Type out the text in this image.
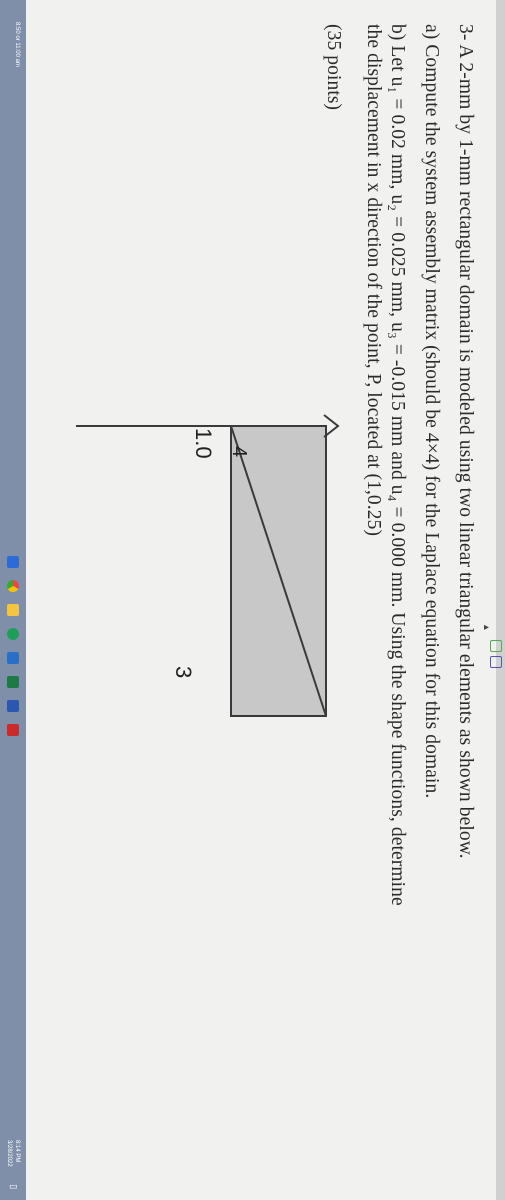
3- A 2-mm by 1-mm rectangular domain is modeled using two linear triangular elements as shown below.
a) Compute the system assembly matrix (should be 4×4) for the Laplace equation for this domain.
b) Let u₁ = 0.02 mm, u₂ = 0.025 mm, u₃ = -0.015 mm and u₄ = 0.000 mm. Using the shape functions, determine
the displacement in x direction of the point, P, located at (1,0.25)
(35 points)
1.0 4
3
▸
8:50 or 11:00 am
8:14 PM
3/28/2022
▭
